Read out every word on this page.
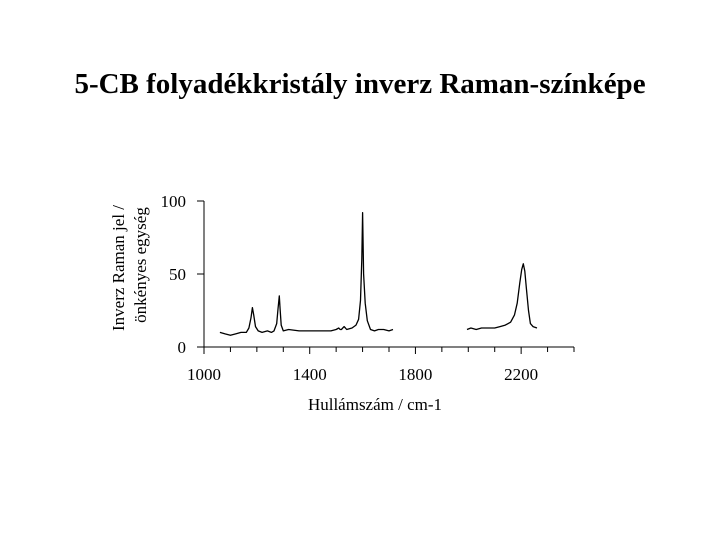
5-CB folyadékkristály inverz Raman-színképe
1000	1400	1800	2200
0
50
100
Hullámszám / cm-1
Inverz Raman jel / önkényes egység
